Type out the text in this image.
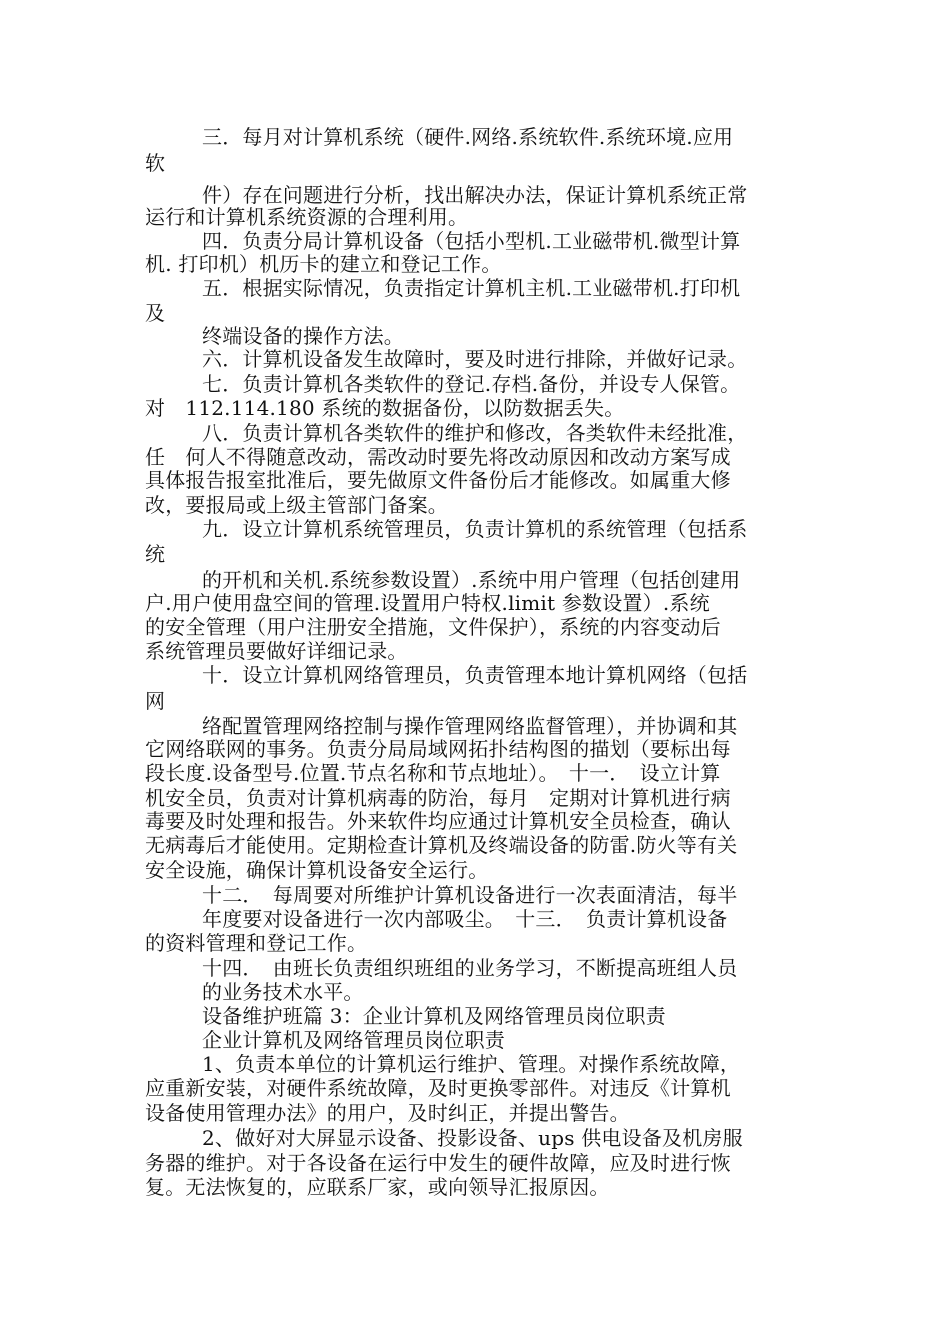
三．每月对计算机系统（硬件.网络.系统软件.系统环境.应用
软
件）存在问题进行分析，找出解决办法，保证计算机系统正常
运行和计算机系统资源的合理利用。
四．负责分局计算机设备（包括小型机.工业磁带机.微型计算
机. 打印机）机历卡的建立和登记工作。
五．根据实际情况，负责指定计算机主机.工业磁带机.打印机
及
终端设备的操作方法。
六．计算机设备发生故障时，要及时进行排除，并做好记录。
七．负责计算机各类软件的登记.存档.备份，并设专人保管。
对　112.114.180 系统的数据备份，以防数据丢失。
八．负责计算机各类软件的维护和修改，各类软件未经批准，
任　何人不得随意改动，需改动时要先将改动原因和改动方案写成
具体报告报室批准后，要先做原文件备份后才能修改。如属重大修
改，要报局或上级主管部门备案。
九．设立计算机系统管理员，负责计算机的系统管理（包括系
统
的开机和关机.系统参数设置）.系统中用户管理（包括创建用
户.用户使用盘空间的管理.设置用户特权.limit 参数设置）.系统
的安全管理（用户注册安全措施，文件保护），系统的内容变动后
系统管理员要做好详细记录。
十．设立计算机网络管理员，负责管理本地计算机网络（包括
网
络配置管理网络控制与操作管理网络监督管理），并协调和其
它网络联网的事务。负责分局局域网拓扑结构图的描划（要标出每
段长度.设备型号.位置.节点名称和节点地址）。　十一．　设立计算
机安全员，负责对计算机病毒的防治，每月　定期对计算机进行病
毒要及时处理和报告。外来软件均应通过计算机安全员检查，确认
无病毒后才能使用。定期检查计算机及终端设备的防雷.防火等有关
安全设施，确保计算机设备安全运行。
十二．　每周要对所维护计算机设备进行一次表面清洁，每半
年度要对设备进行一次内部吸尘。　十三．　负责计算机设备
的资料管理和登记工作。
十四．　由班长负责组织班组的业务学习，不断提高班组人员
的业务技术水平。
设备维护班篇 3：企业计算机及网络管理员岗位职责
企业计算机及网络管理员岗位职责
1、负责本单位的计算机运行维护、管理。对操作系统故障，
应重新安装，对硬件系统故障，及时更换零部件。对违反《计算机
设备使用管理办法》的用户，及时纠正，并提出警告。
2、做好对大屏显示设备、投影设备、ups 供电设备及机房服
务器的维护。对于各设备在运行中发生的硬件故障，应及时进行恢
复。无法恢复的，应联系厂家，或向领导汇报原因。
